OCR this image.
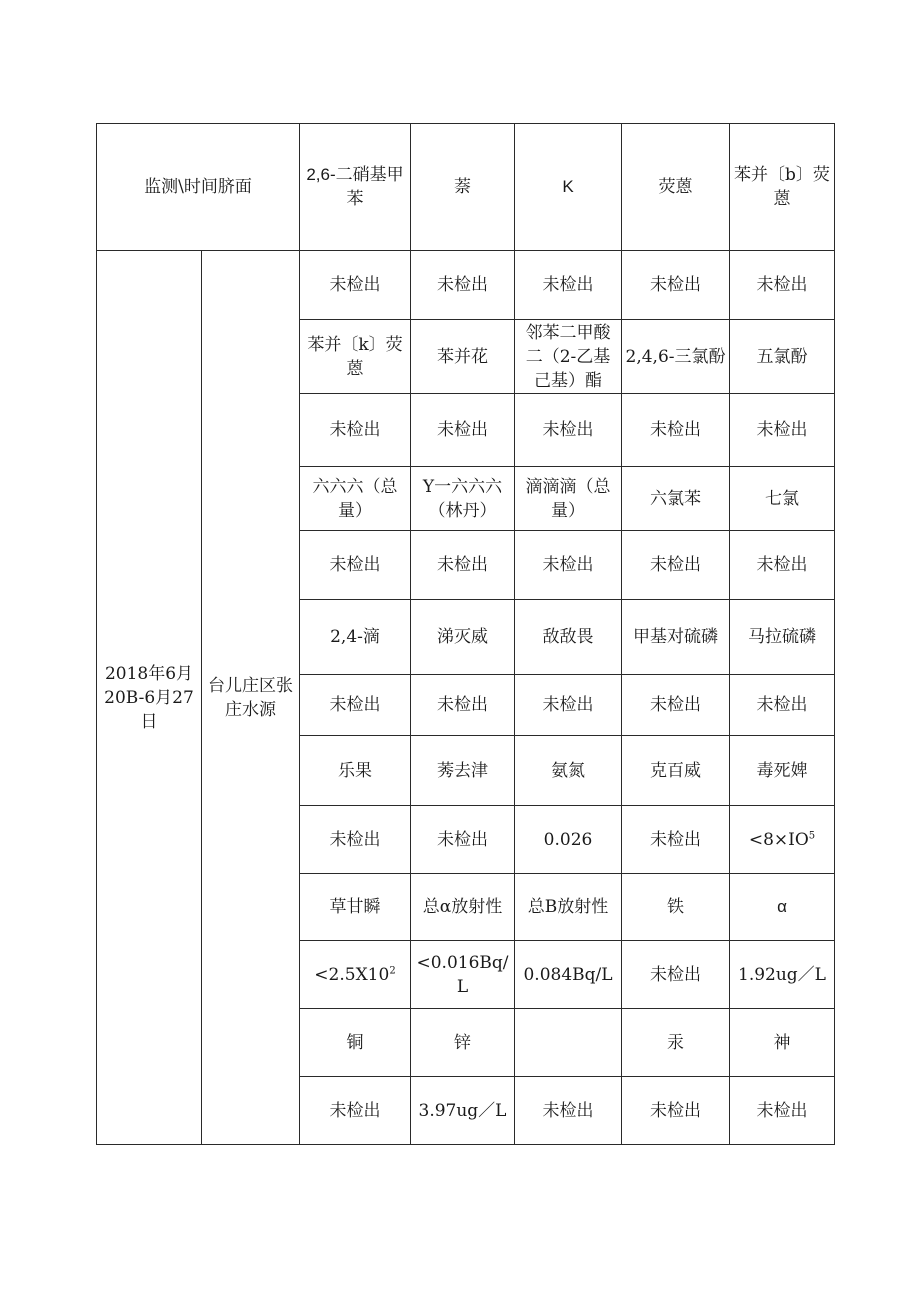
监测\时间脐面		2,6-二硝基甲苯	萘	K	荧蒽	苯并〔b〕荧蒽
2018年6月20B-6月27日	台儿庄区张庄水源	未检出	未检出	未检出	未检出	未检出
		苯并〔k〕荧蒽	苯并花	邻苯二甲酸二（2-乙基己基）酯	2,4,6-三氯酚	五氯酚
		未检出	未检出	未检出	未检出	未检出
		六六六（总量）	Y一六六六（林丹）	滴滴滴（总量）	六氯苯	七氯
		未检出	未检出	未检出	未检出	未检出
		2,4-滴	涕灭威	敌敌畏	甲基对硫磷	马拉硫磷
		未检出	未检出	未检出	未检出	未检出
		乐果	莠去津	氨氮	克百威	毒死婢
		未检出	未检出	0.026	未检出	$<8\times IO^5$
		草甘瞬	总α放射性	总B放射性	铁	α
		$<2.5X10^2$	<0.016Bq/L	0.084Bq/L	未检出	1.92ug／L
		铜	锌		汞	神
		未检出	3.97ug／L	未检出	未检出	未检出
